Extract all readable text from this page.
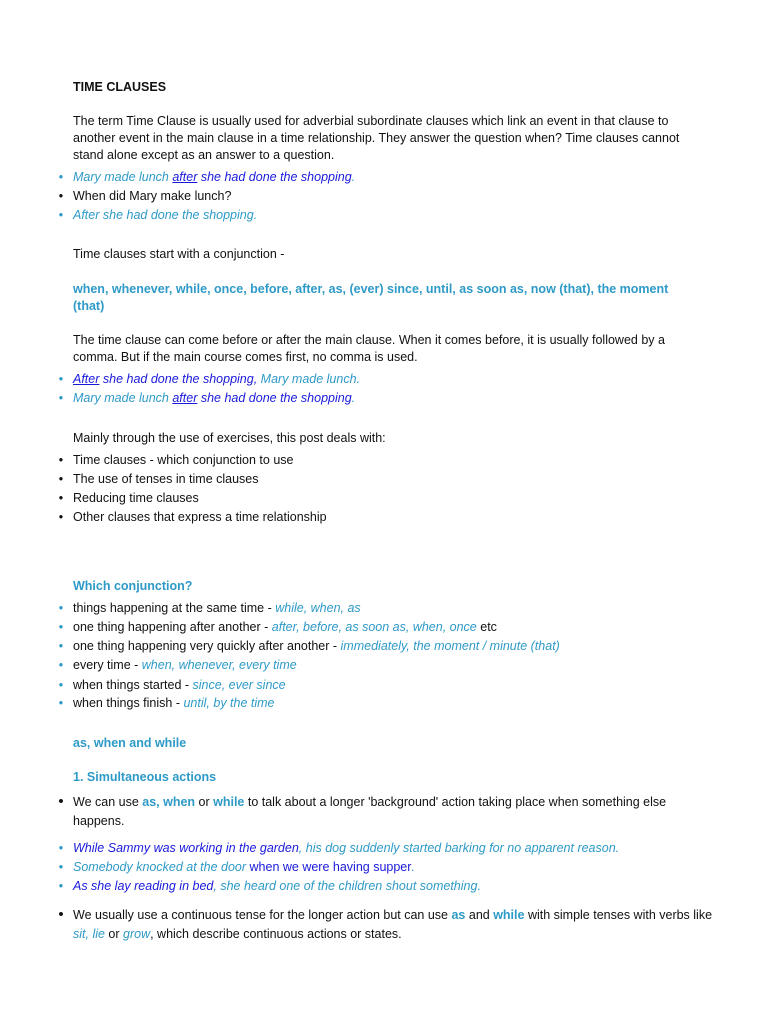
TIME CLAUSES

The term Time Clause is usually used for adverbial subordinate clauses which link an event in that clause to another event in the main clause in a time relationship. They answer the question when? Time clauses cannot stand alone except as an answer to a question.

• Mary made lunch after she had done the shopping.
• When did Mary make lunch?
• After she had done the shopping.
Time clauses start with a conjunction -
when, whenever, while, once, before, after, as, (ever) since, until, as soon as, now (that), the moment (that)

The time clause can come before or after the main clause. When it comes before, it is usually followed by a comma. But if the main course comes first, no comma is used.

• After she had done the shopping, Mary made lunch.
• Mary made lunch after she had done the shopping.
Mainly through the use of exercises, this post deals with:
• Time clauses - which conjunction to use
• The use of tenses in time clauses
• Reducing time clauses
• Other clauses that express a time relationship
Which conjunction?
• things happening at the same time - while, when, as
• one thing happening after another - after, before, as soon as, when, once etc
• one thing happening very quickly after another - immediately, the moment / minute (that)
• every time - when, whenever, every time
• when things started - since, ever since
• when things finish - until, by the time
as, when and while
1. Simultaneous actions
• We can use as, when or while to talk about a longer 'background' action taking place when something else happens.
• While Sammy was working in the garden, his dog suddenly started barking for no apparent reason.
• Somebody knocked at the door when we were having supper.
• As she lay reading in bed, she heard one of the children shout something.
• We usually use a continuous tense for the longer action but can use as and while with simple tenses with verbs like sit, lie or grow, which describe continuous actions or states.
